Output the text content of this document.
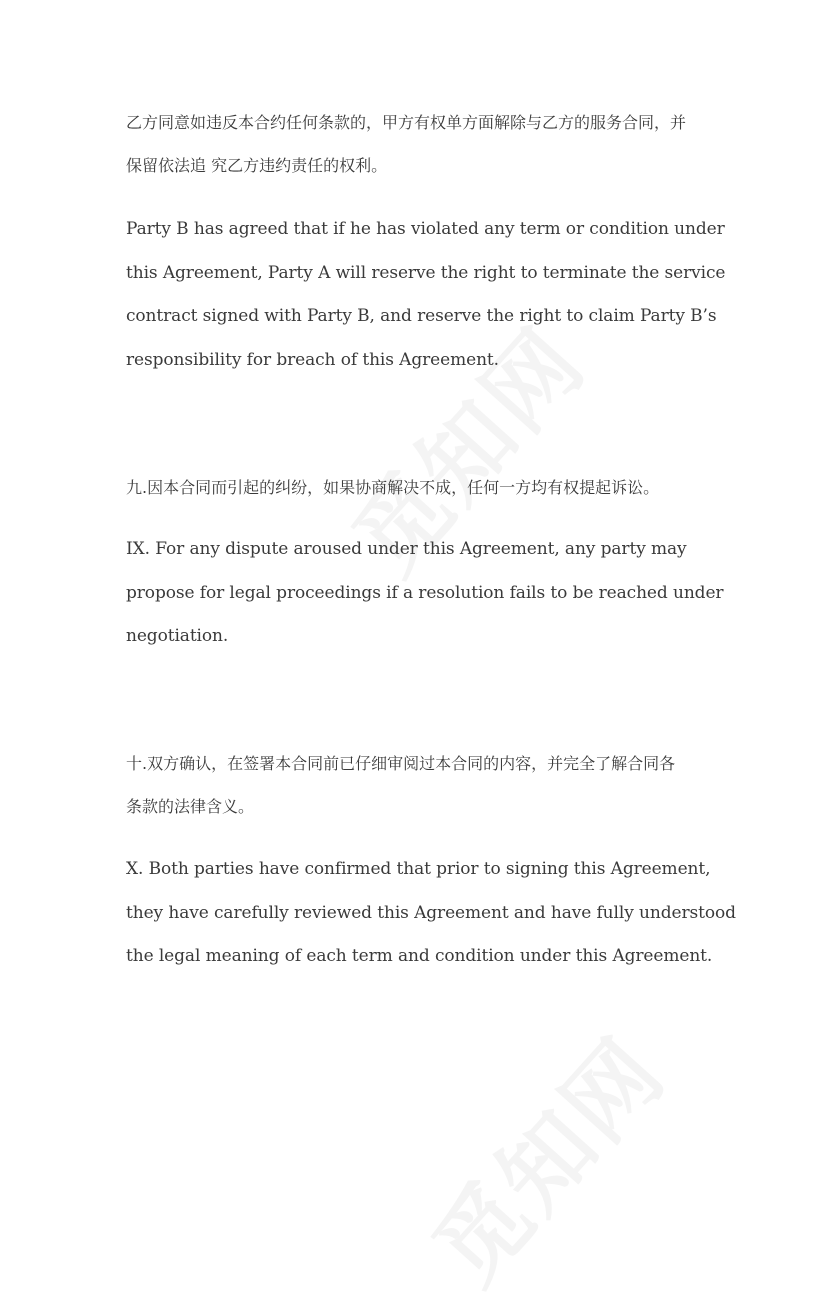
乙方同意如违反本合约任何条款的，甲方有权单方面解除与乙方的服务合同，并
保留依法追 究乙方违约责任的权利。

Party B has agreed that if he has violated any term or condition under
this Agreement, Party A will reserve the right to terminate the service
contract signed with Party B, and reserve the right to claim Party B’s
responsibility for breach of this Agreement.

九.因本合同而引起的纠纷，如果协商解决不成，任何一方均有权提起诉讼。

IX. For any dispute aroused under this Agreement, any party may
propose for legal proceedings if a resolution fails to be reached under
negotiation.

十.双方确认，在签署本合同前已仔细审阅过本合同的内容，并完全了解合同各
条款的法律含义。

X. Both parties have confirmed that prior to signing this Agreement,
they have carefully reviewed this Agreement and have fully understood
the legal meaning of each term and condition under this Agreement.
